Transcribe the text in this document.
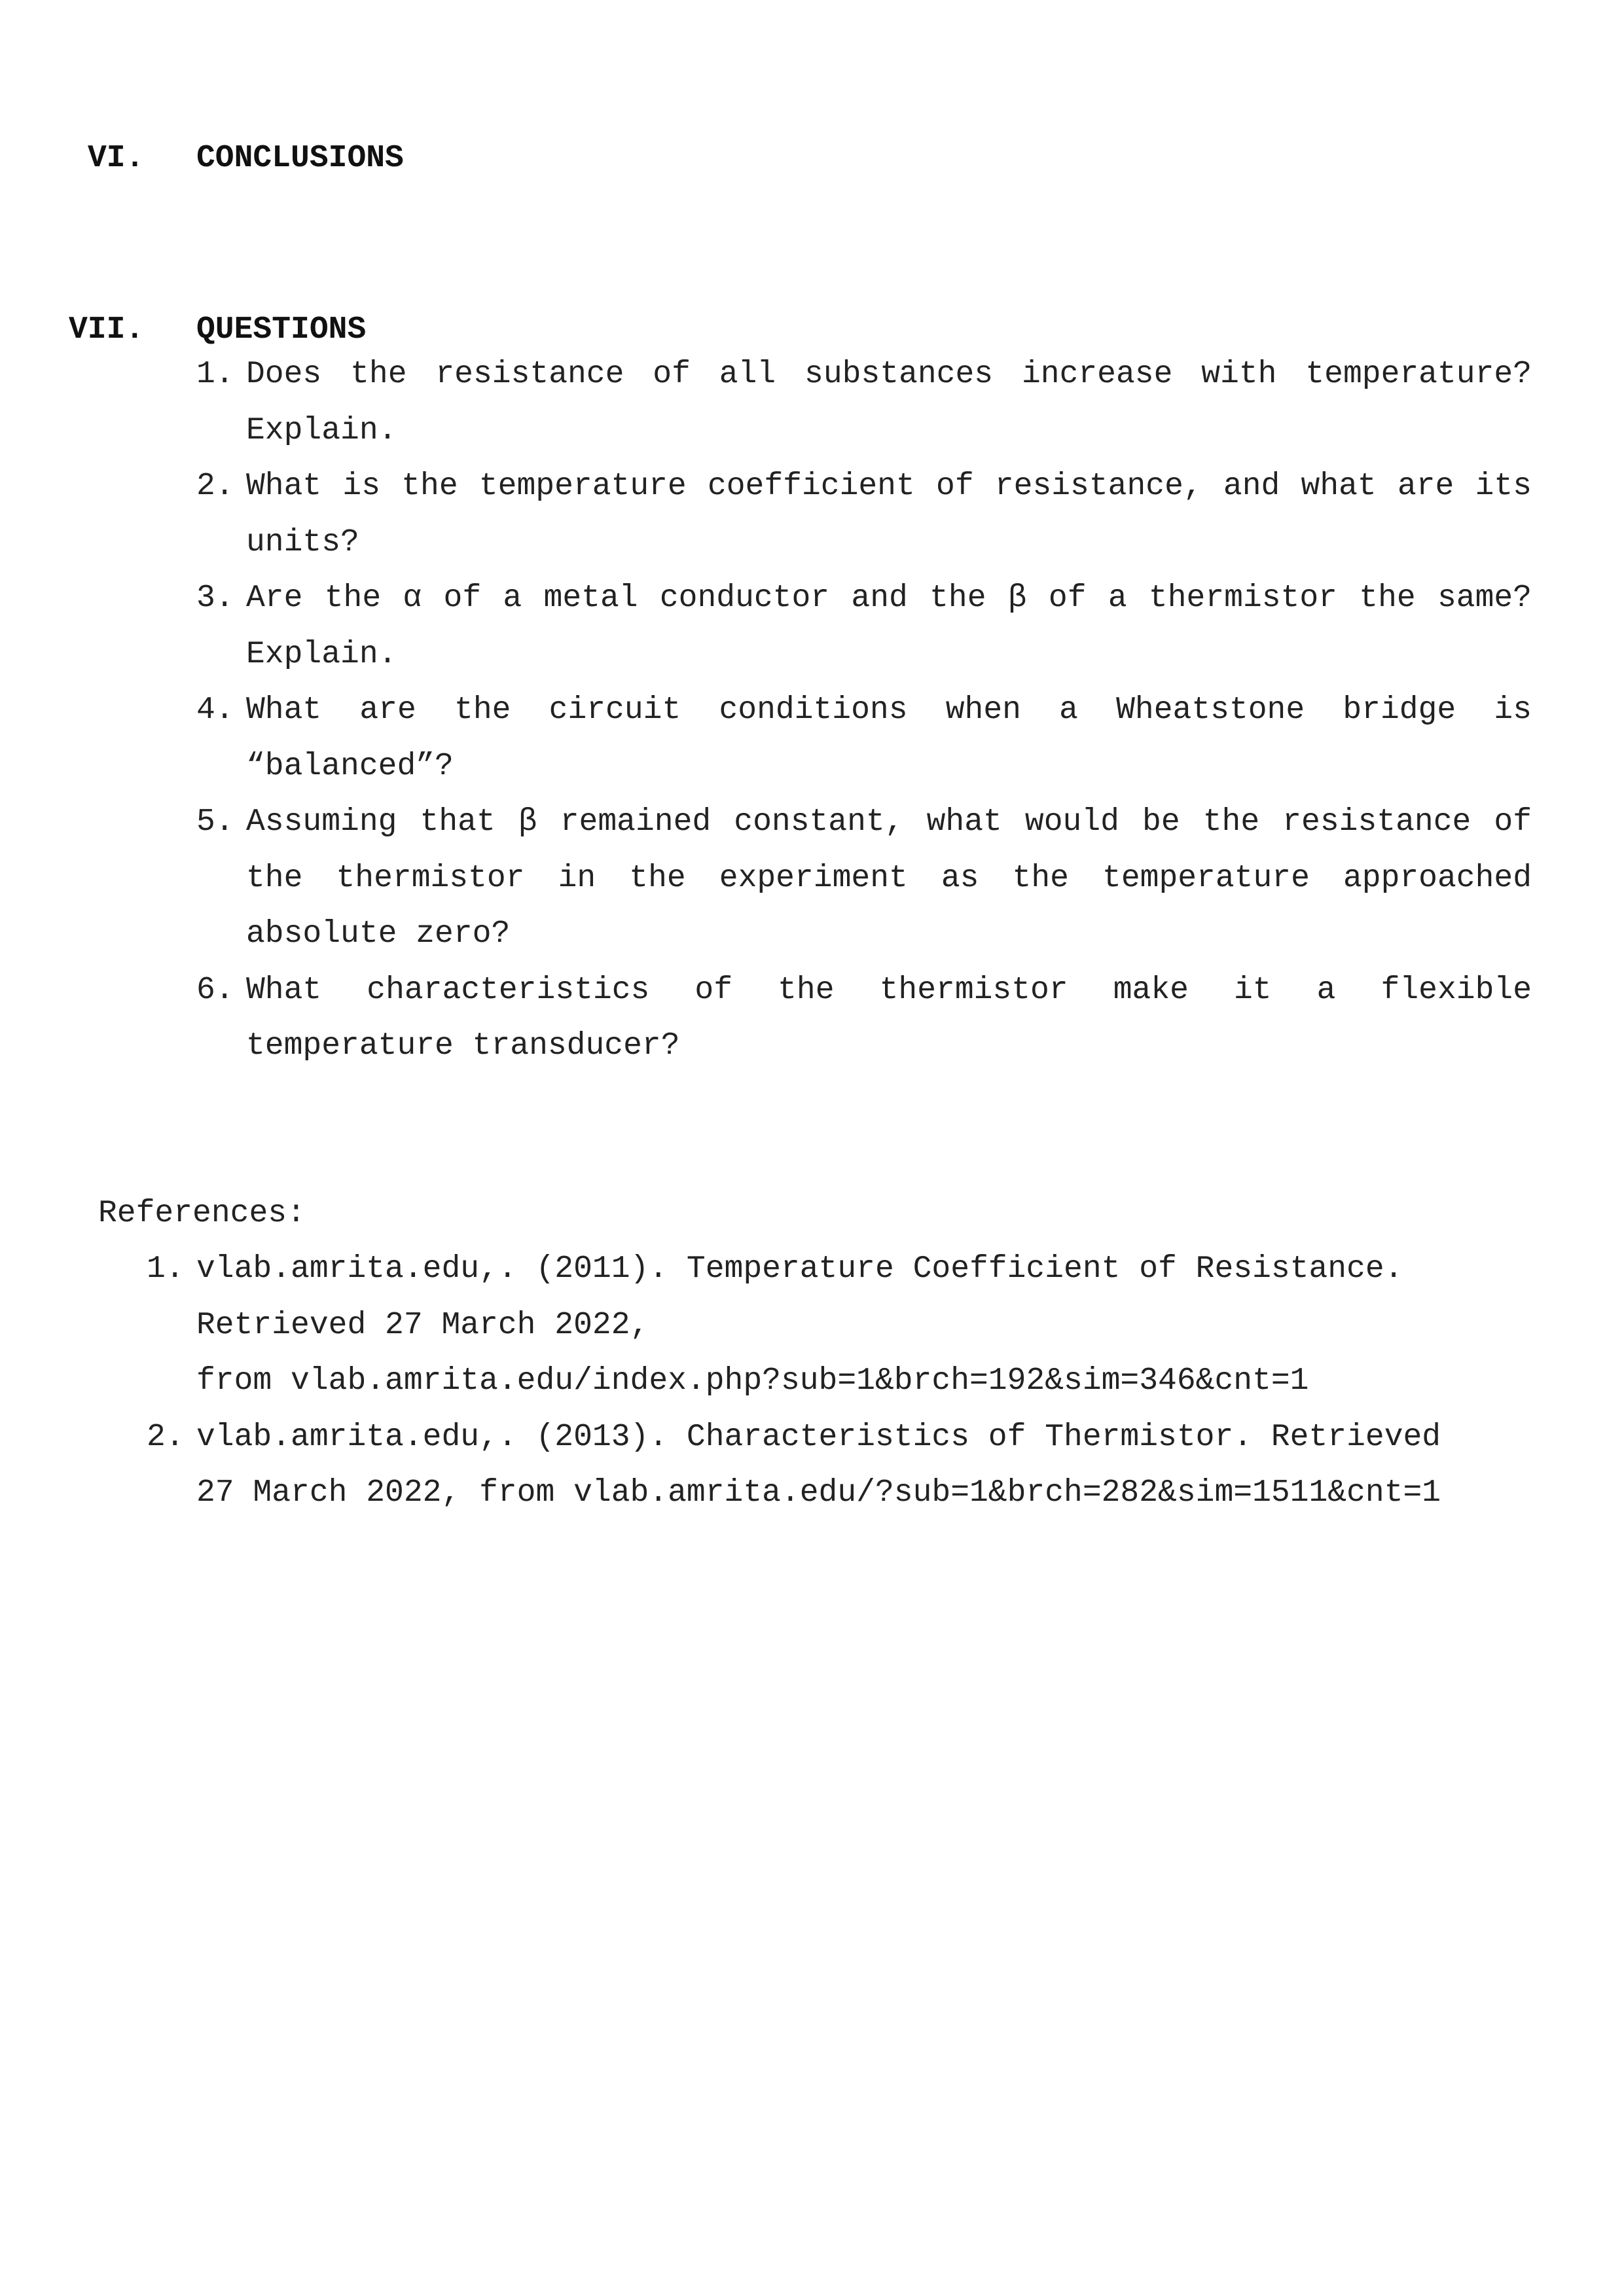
VI. CONCLUSIONS
VII. QUESTIONS
1. Does the resistance of all substances increase with temperature? Explain.
2. What is the temperature coefficient of resistance, and what are its units?
3. Are the α of a metal conductor and the β of a thermistor the same? Explain.
4. What are the circuit conditions when a Wheatstone bridge is “balanced”?
5. Assuming that β remained constant, what would be the resistance of the thermistor in the experiment as the temperature approached absolute zero?
6. What characteristics of the thermistor make it a flexible temperature transducer?
References:
1. vlab.amrita.edu,. (2011). Temperature Coefficient of Resistance.
Retrieved 27 March 2022,
from vlab.amrita.edu/index.php?sub=1&brch=192&sim=346&cnt=1
2. vlab.amrita.edu,. (2013). Characteristics of Thermistor. Retrieved
27 March 2022, from vlab.amrita.edu/?sub=1&brch=282&sim=1511&cnt=1
